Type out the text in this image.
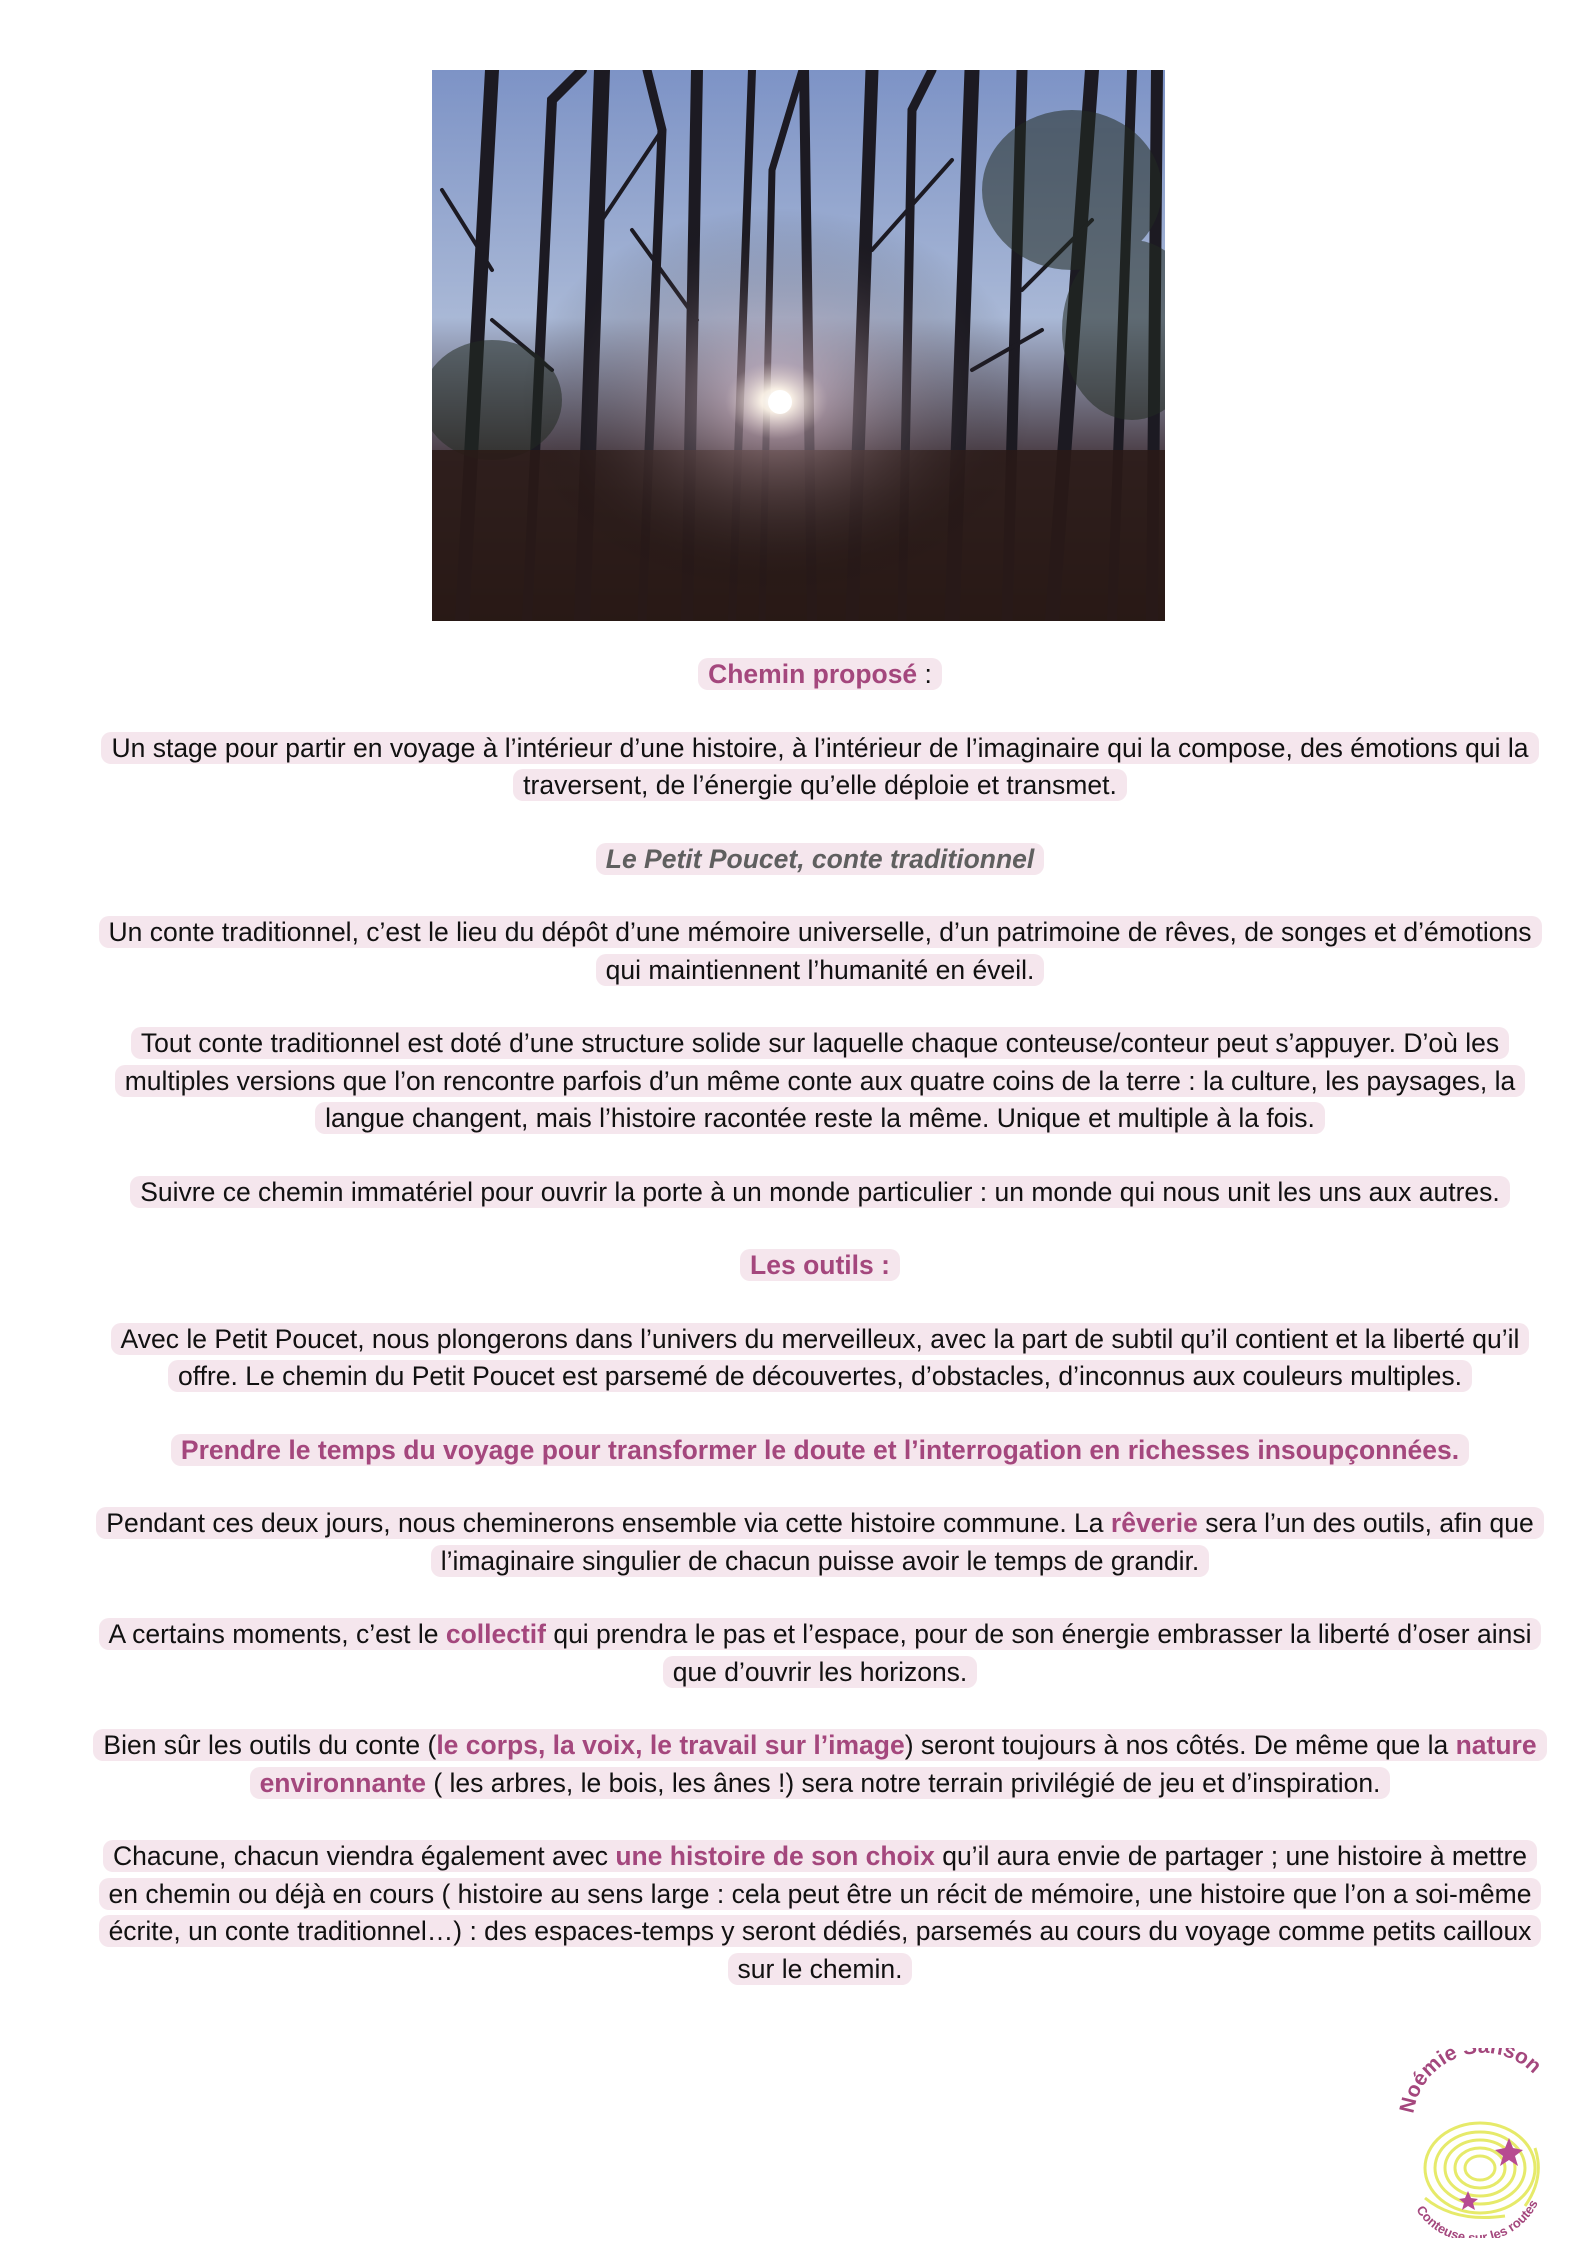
Chemin proposé :
Un stage pour partir en voyage à l’intérieur d’une histoire, à l’intérieur de l’imaginaire qui la compose, des émotions qui la traversent, de l’énergie qu’elle déploie et transmet.
Le Petit Poucet, conte traditionnel
Un conte traditionnel, c’est le lieu du dépôt d’une mémoire universelle, d’un patrimoine de rêves, de songes et d’émotions qui maintiennent l’humanité en éveil.
Tout conte traditionnel est doté d’une structure solide sur laquelle chaque conteuse/conteur peut s’appuyer. D’où les multiples versions que l’on rencontre parfois d’un même conte aux quatre coins de la terre : la culture, les paysages, la langue changent, mais l’histoire racontée reste la même. Unique et multiple à la fois.
Suivre ce chemin immatériel pour ouvrir la porte à un monde particulier : un monde qui nous unit les uns aux autres.
Les outils :
Avec le Petit Poucet, nous plongerons dans l’univers du merveilleux, avec la part de subtil qu’il contient et la liberté qu’il offre. Le chemin du Petit Poucet est parsemé de découvertes, d’obstacles, d’inconnus aux couleurs multiples.
Prendre le temps du voyage pour transformer le doute et l’interrogation en richesses insoupçonnées.
Pendant ces deux jours, nous cheminerons ensemble via cette histoire commune. La rêverie sera l’un des outils, afin que l’imaginaire singulier de chacun puisse avoir le temps de grandir.
A certains moments, c’est le collectif qui prendra le pas et l’espace, pour de son énergie embrasser la liberté d’oser ainsi que d’ouvrir les horizons.
Bien sûr les outils du conte (le corps, la voix, le travail sur l’image) seront toujours à nos côtés. De même que la nature environnante ( les arbres, le bois, les ânes !) sera notre terrain privilégié de jeu et d’inspiration.
Chacune, chacun viendra également avec une histoire de son choix qu’il aura envie de partager ; une histoire à mettre en chemin ou déjà en cours ( histoire au sens large : cela peut être un récit de mémoire, une histoire que l’on a soi-même écrite, un conte traditionnel…) : des espaces-temps y seront dédiés, parsemés au cours du voyage comme petits cailloux sur le chemin.
Noémie son
Conteuse sur les routes
